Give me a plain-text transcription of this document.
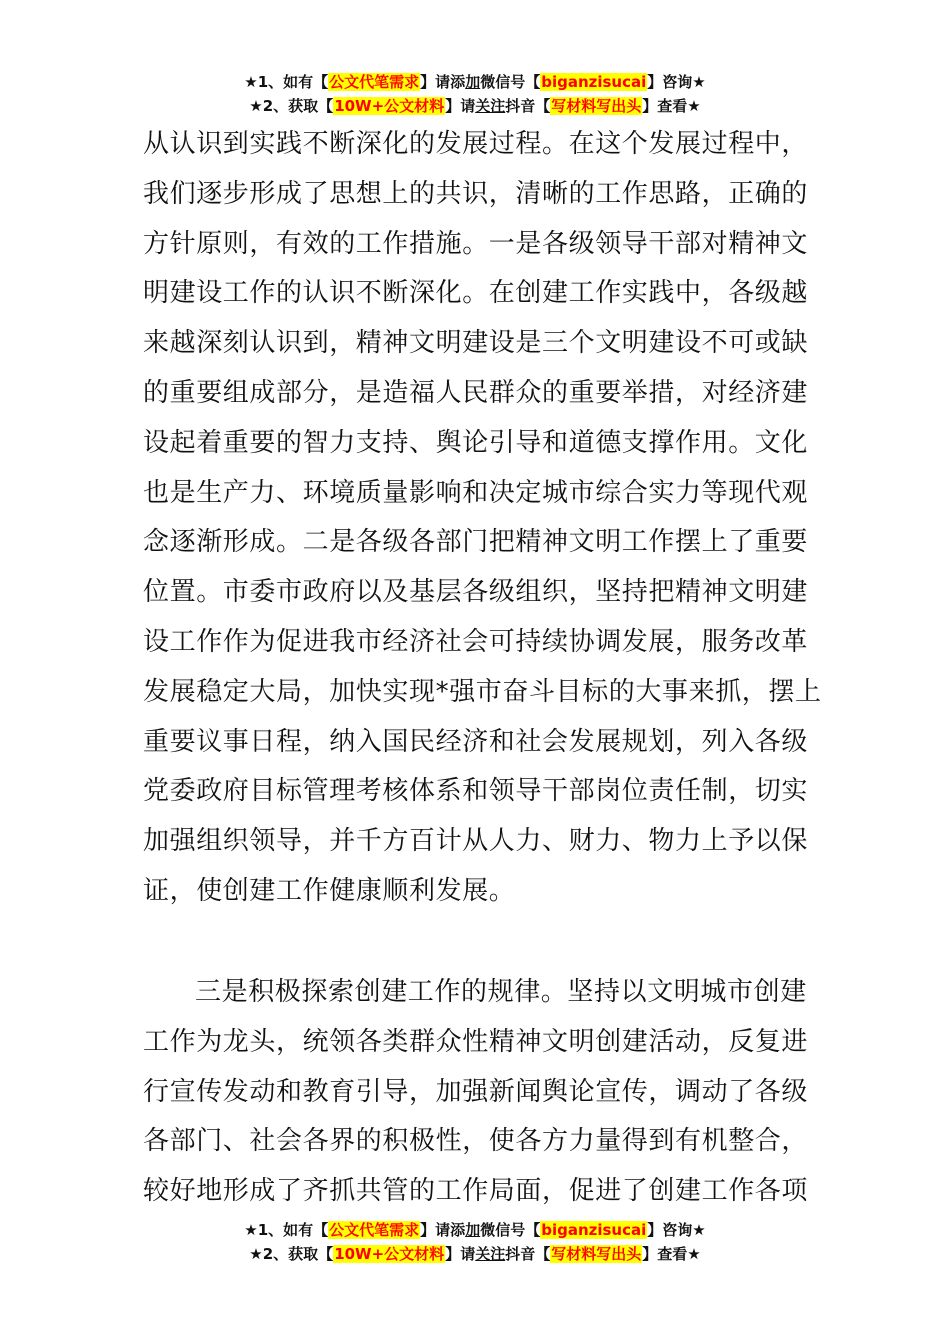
★1、如有【公文代笔需求】请添加微信号【biganzisucai】咨询★
★2、获取【10W+公文材料】请关注抖音【写材料写出头】查看★
从认识到实践不断深化的发展过程。在这个发展过程中，
我们逐步形成了思想上的共识，清晰的工作思路，正确的
方针原则，有效的工作措施。一是各级领导干部对精神文
明建设工作的认识不断深化。在创建工作实践中，各级越
来越深刻认识到，精神文明建设是三个文明建设不可或缺
的重要组成部分，是造福人民群众的重要举措，对经济建
设起着重要的智力支持、舆论引导和道德支撑作用。文化
也是生产力、环境质量影响和决定城市综合实力等现代观
念逐渐形成。二是各级各部门把精神文明工作摆上了重要
位置。市委市政府以及基层各级组织，坚持把精神文明建
设工作作为促进我市经济社会可持续协调发展，服务改革
发展稳定大局，加快实现*强市奋斗目标的大事来抓，摆上
重要议事日程，纳入国民经济和社会发展规划，列入各级
党委政府目标管理考核体系和领导干部岗位责任制，切实
加强组织领导，并千方百计从人力、财力、物力上予以保
证，使创建工作健康顺利发展。
三是积极探索创建工作的规律。坚持以文明城市创建
工作为龙头，统领各类群众性精神文明创建活动，反复进
行宣传发动和教育引导，加强新闻舆论宣传，调动了各级
各部门、社会各界的积极性，使各方力量得到有机整合，
较好地形成了齐抓共管的工作局面，促进了创建工作各项
★1、如有【公文代笔需求】请添加微信号【biganzisucai】咨询★
★2、获取【10W+公文材料】请关注抖音【写材料写出头】查看★
